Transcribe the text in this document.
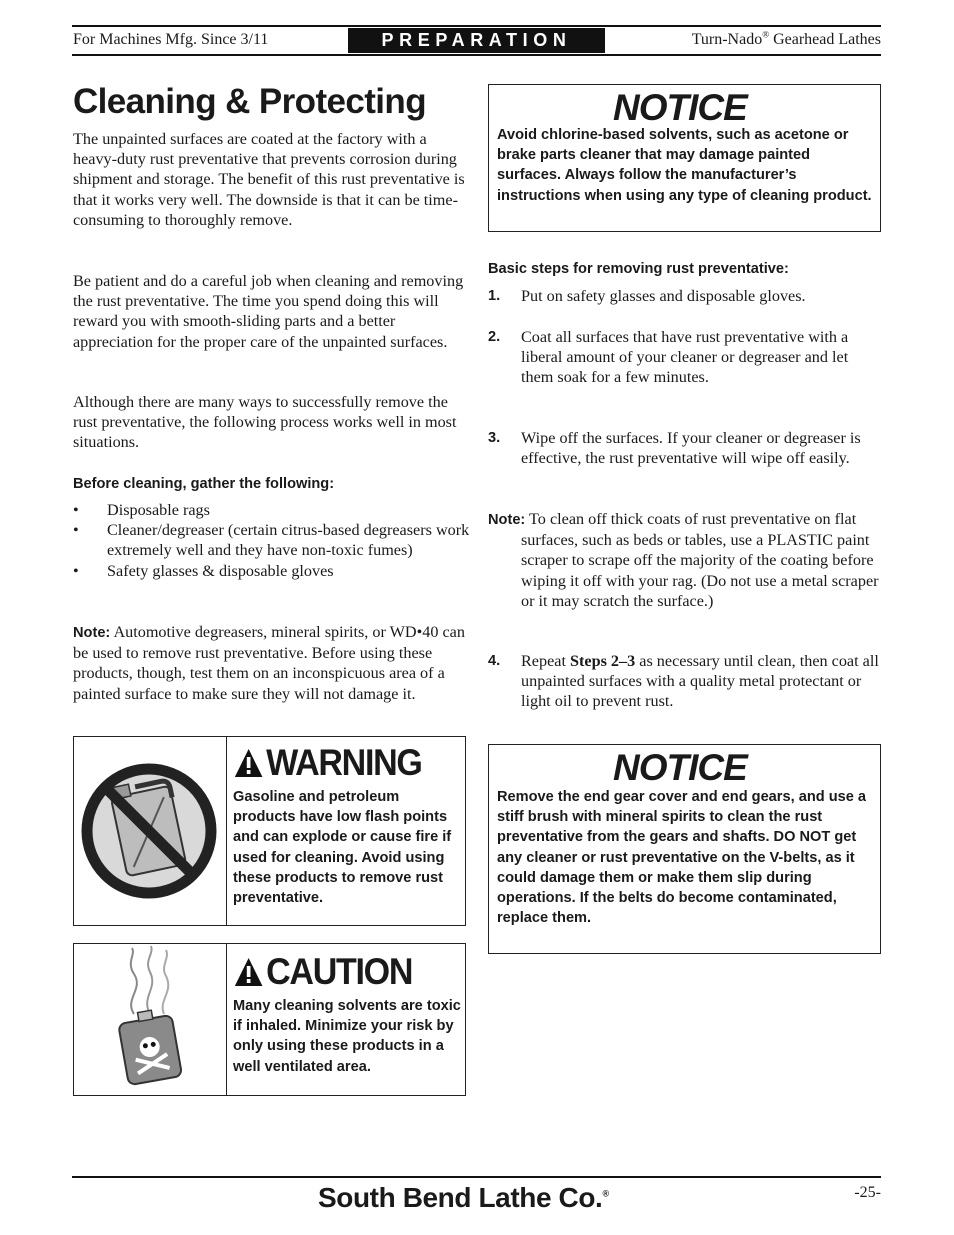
For Machines Mfg. Since 3/11	PREPARATION	Turn-Nado® Gearhead Lathes
Cleaning & Protecting

The unpainted surfaces are coated at the factory with a heavy-duty rust preventative that prevents corrosion during shipment and storage. The benefit of this rust preventative is that it works very well. The downside is that it can be time-consuming to thoroughly remove.

Be patient and do a careful job when cleaning and removing the rust preventative. The time you spend doing this will reward you with smooth-sliding parts and a better appreciation for the proper care of the unpainted surfaces.

Although there are many ways to successfully remove the rust preventative, the following process works well in most situations.

Before cleaning, gather the following:
• Disposable rags
• Cleaner/degreaser (certain citrus-based degreasers work extremely well and they have non-toxic fumes)
• Safety glasses & disposable gloves

Note: Automotive degreasers, mineral spirits, or WD•40 can be used to remove rust preventative. Before using these products, though, test them on an inconspicuous area of a painted surface to make sure they will not damage it.

WARNING

Gasoline and petroleum products have low flash points and can explode or cause fire if used for cleaning. Avoid using these products to remove rust preventative.

CAUTION

Many cleaning solvents are toxic if inhaled. Minimize your risk by only using these products in a well ventilated area.

NOTICE

Avoid chlorine-based solvents, such as acetone or brake parts cleaner that may damage painted surfaces. Always follow the manufacturer’s instructions when using any type of cleaning product.

Basic steps for removing rust preventative:
1. Put on safety glasses and disposable gloves.
2. Coat all surfaces that have rust preventative with a liberal amount of your cleaner or degreaser and let them soak for a few minutes.
3. Wipe off the surfaces. If your cleaner or degreaser is effective, the rust preventative will wipe off easily.

Note: To clean off thick coats of rust preventative on flat surfaces, such as beds or tables, use a PLASTIC paint scraper to scrape off the majority of the coating before wiping it off with your rag. (Do not use a metal scraper or it may scratch the surface.)

4. Repeat Steps 2–3 as necessary until clean, then coat all unpainted surfaces with a quality metal protectant or light oil to prevent rust.
NOTICE

Remove the end gear cover and end gears, and use a stiff brush with mineral spirits to clean the rust preventative from the gears and shafts. DO NOT get any cleaner or rust preventative on the V-belts, as it could damage them or make them slip during operations. If the belts do become contaminated, replace them.

South Bend Lathe Co.®	-25-
